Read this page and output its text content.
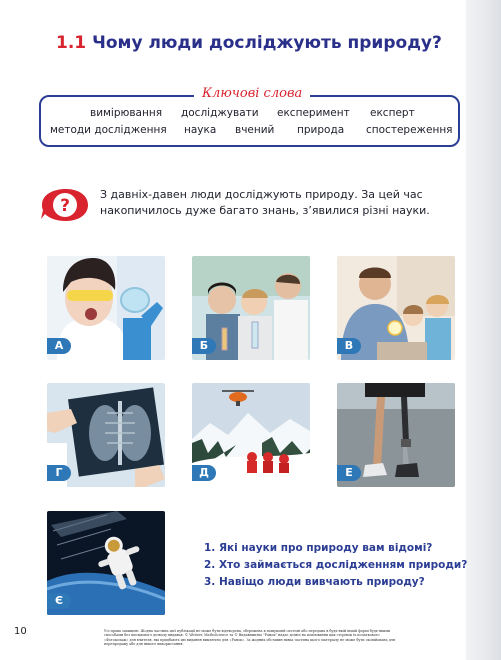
1.1 Чому люди досліджують природу?
Ключові слова
вимірювання досліджувати експеримент експерт
методи дослідження наука вчений природа спостереження
?
З давніх-давен люди досліджують природу. За цей час накопичилось дуже багато знань, з’явилися різні науки.
А	Б	В
Г	Д	Е
Є
1. Які науки про природу вам відомі?
2. Хто займається дослідженням природи?
3. Навіщо люди вивчають природу?
10	Усі права захищені. Жодна частина цієї публікації не може бути відтворена, збережена в пошуковій системі або передана в будь-якій іншій формі будь-якими способами без письмового дозволу видавця. © Weitzer, MathsScience та © Видавництво "Ранок" надає дозвіл на копіювання цих сторінок їх початкового «Фотоколаж» для вчителя, які придбають цю видання виключно для «Ранок». За жодних обставин ніяка частина цього матеріалу не може бути скопійована для перепродажу або для іншого використання.
